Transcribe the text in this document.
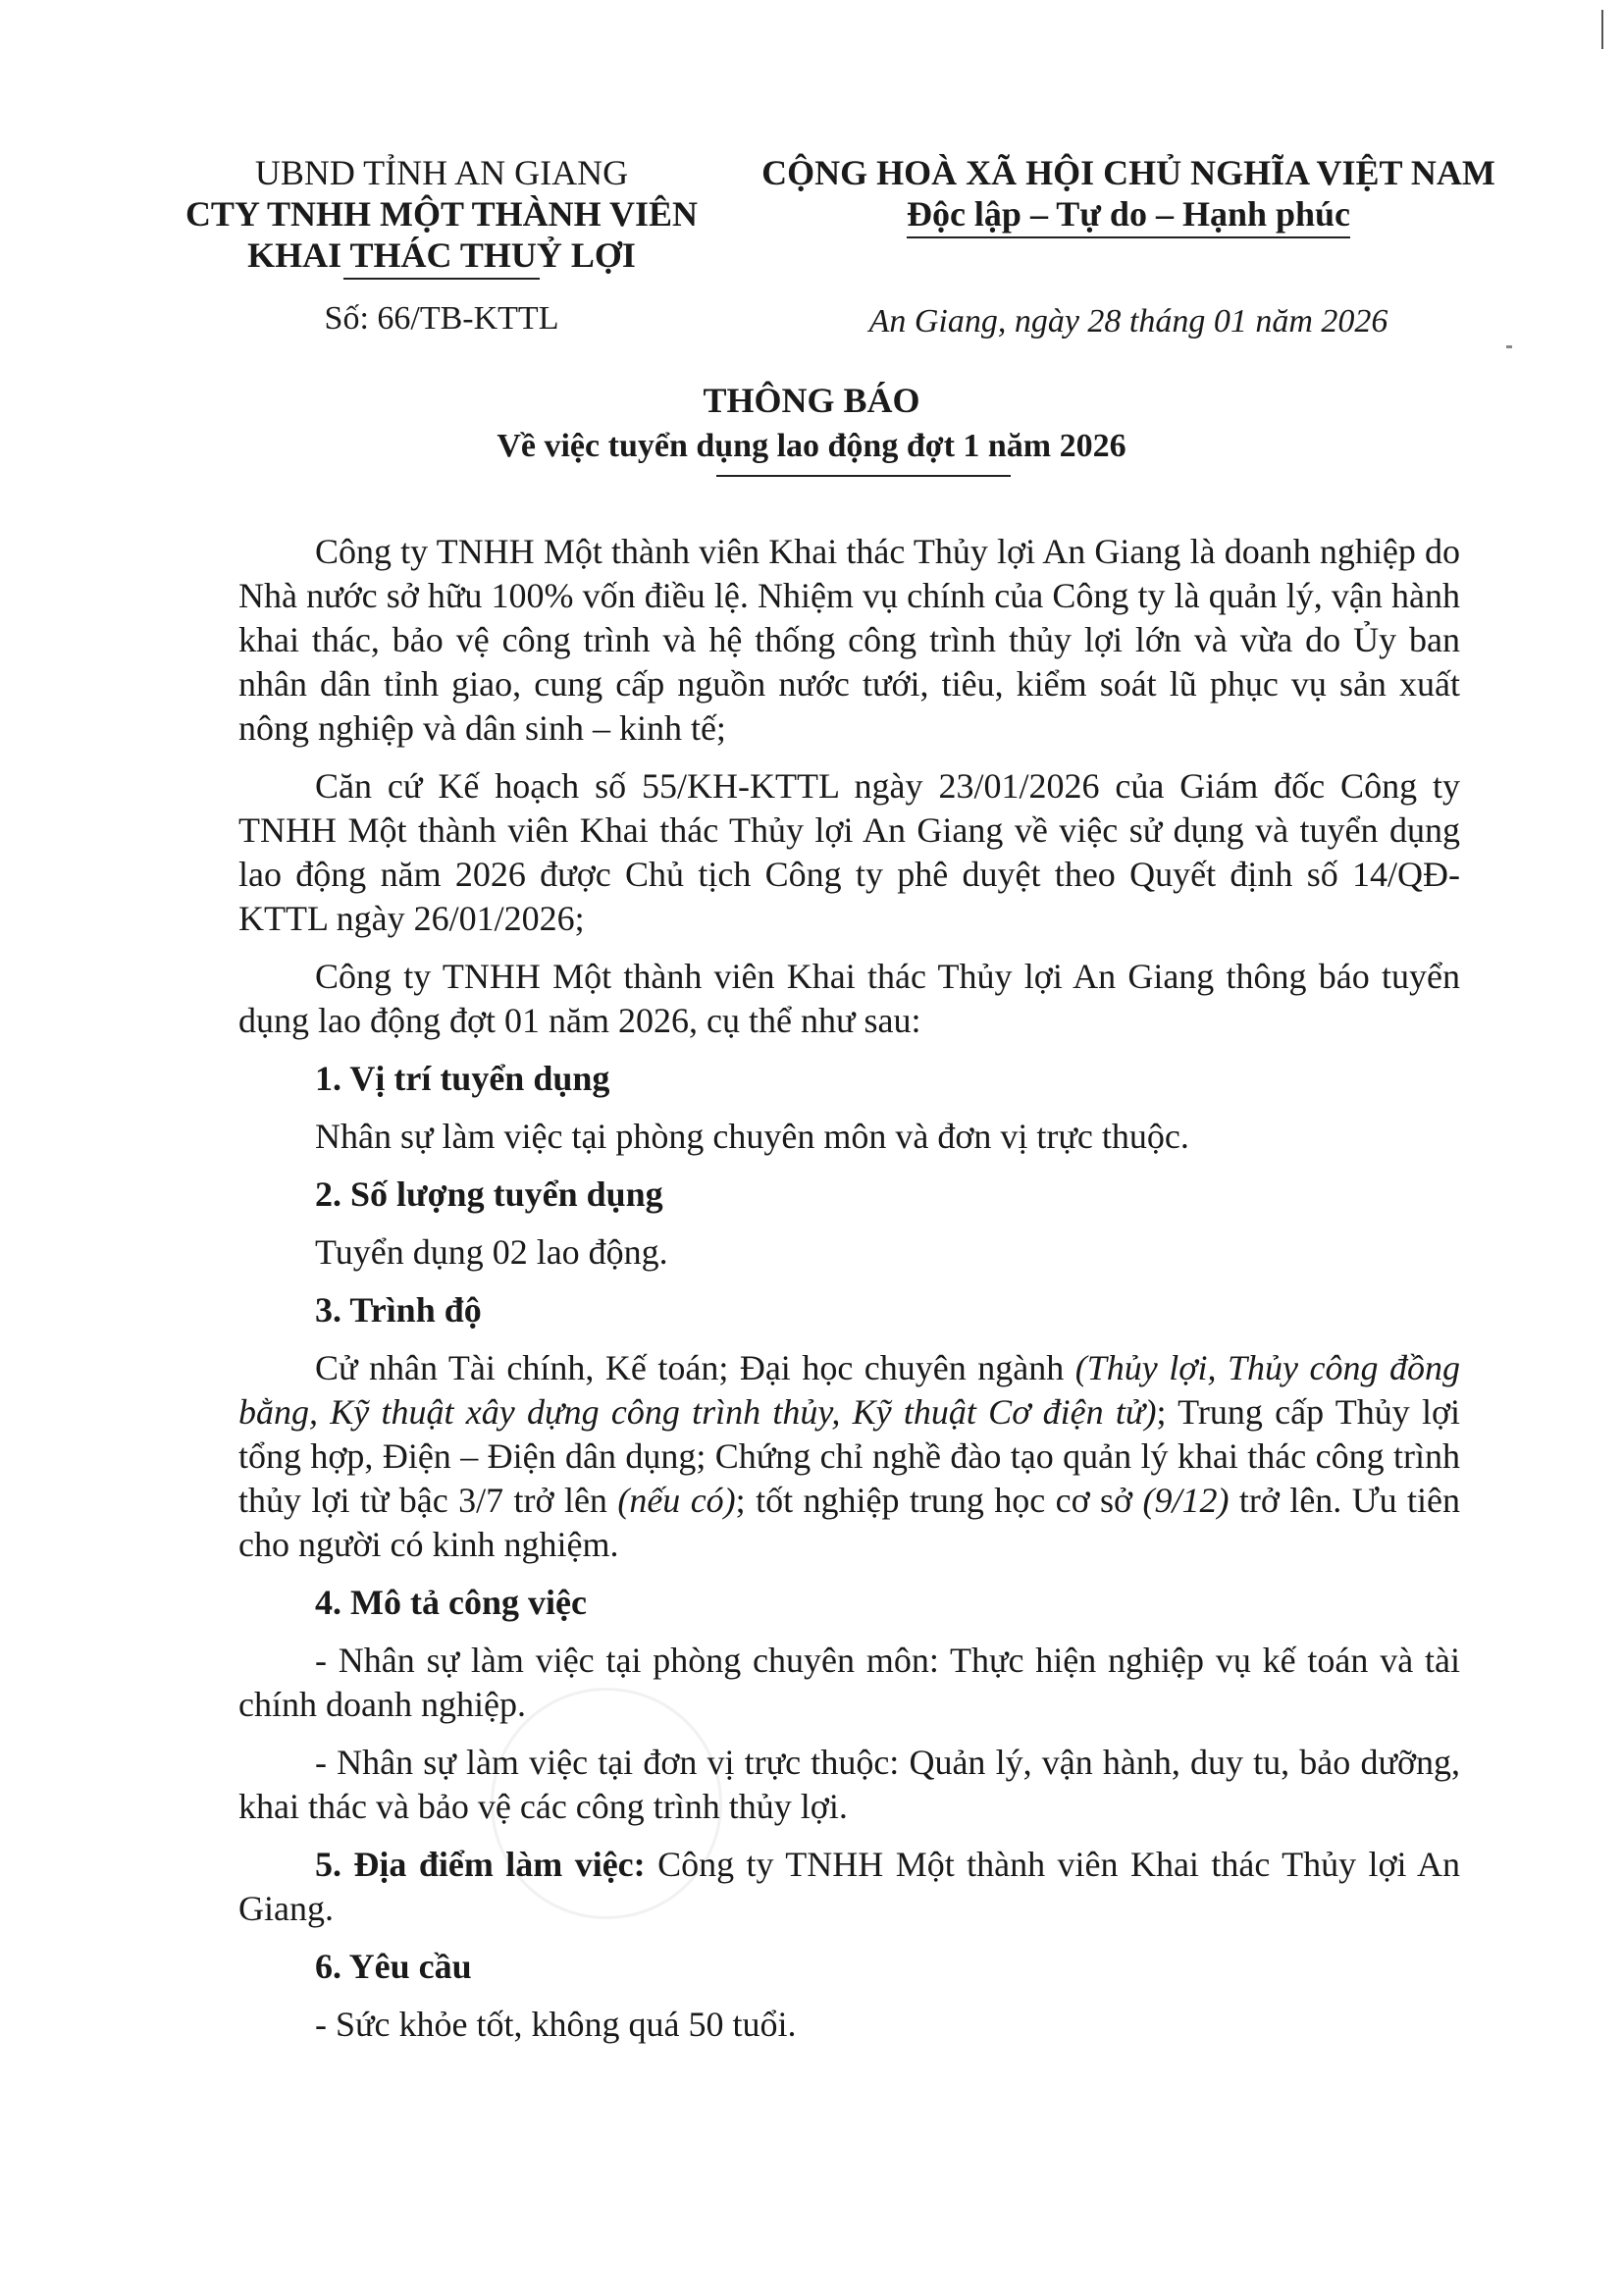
UBND TỈNH AN GIANG
CTY TNHH MỘT THÀNH VIÊN
KHAI THÁC THUỶ LỢI
CỘNG HOÀ XÃ HỘI CHỦ NGHĨA VIỆT NAM
Độc lập – Tự do – Hạnh phúc
Số: 66/TB-KTTL	An Giang, ngày 28 tháng 01 năm 2026
THÔNG BÁO
Về việc tuyển dụng lao động đợt 1 năm 2026

Công ty TNHH Một thành viên Khai thác Thủy lợi An Giang là doanh nghiệp do Nhà nước sở hữu 100% vốn điều lệ. Nhiệm vụ chính của Công ty là quản lý, vận hành khai thác, bảo vệ công trình và hệ thống công trình thủy lợi lớn và vừa do Ủy ban nhân dân tỉnh giao, cung cấp nguồn nước tưới, tiêu, kiểm soát lũ phục vụ sản xuất nông nghiệp và dân sinh – kinh tế;

Căn cứ Kế hoạch số 55/KH-KTTL ngày 23/01/2026 của Giám đốc Công ty TNHH Một thành viên Khai thác Thủy lợi An Giang về việc sử dụng và tuyển dụng lao động năm 2026 được Chủ tịch Công ty phê duyệt theo Quyết định số 14/QĐ-KTTL ngày 26/01/2026;

Công ty TNHH Một thành viên Khai thác Thủy lợi An Giang thông báo tuyển dụng lao động đợt 01 năm 2026, cụ thể như sau:

1. Vị trí tuyển dụng

Nhân sự làm việc tại phòng chuyên môn và đơn vị trực thuộc.

2. Số lượng tuyển dụng

Tuyển dụng 02 lao động.

3. Trình độ

Cử nhân Tài chính, Kế toán; Đại học chuyên ngành (Thủy lợi, Thủy công đồng bằng, Kỹ thuật xây dựng công trình thủy, Kỹ thuật Cơ điện tử); Trung cấp Thủy lợi tổng hợp, Điện – Điện dân dụng; Chứng chỉ nghề đào tạo quản lý khai thác công trình thủy lợi từ bậc 3/7 trở lên (nếu có); tốt nghiệp trung học cơ sở (9/12) trở lên. Ưu tiên cho người có kinh nghiệm.

4. Mô tả công việc

- Nhân sự làm việc tại phòng chuyên môn: Thực hiện nghiệp vụ kế toán và tài chính doanh nghiệp.

- Nhân sự làm việc tại đơn vị trực thuộc: Quản lý, vận hành, duy tu, bảo dưỡng, khai thác và bảo vệ các công trình thủy lợi.

5. Địa điểm làm việc: Công ty TNHH Một thành viên Khai thác Thủy lợi An Giang.

6. Yêu cầu

- Sức khỏe tốt, không quá 50 tuổi.
